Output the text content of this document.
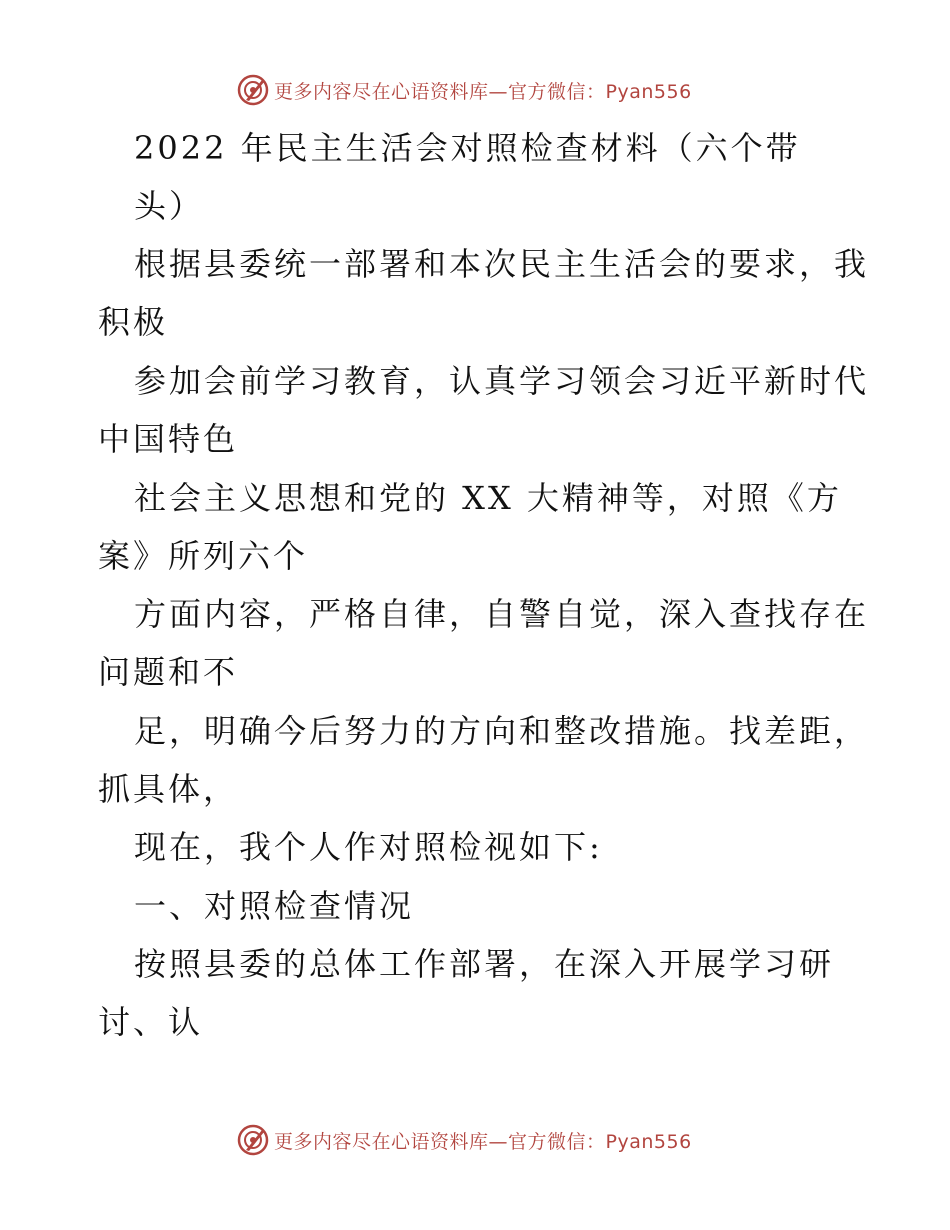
更多内容尽在心语资料库—官方微信：Pyan556
2022 年民主生活会对照检查材料（六个带
头）
根据县委统一部署和本次民主生活会的要求，我
积极
参加会前学习教育，认真学习领会习近平新时代
中国特色
社会主义思想和党的 XX 大精神等，对照《方
案》所列六个
方面内容，严格自律，自警自觉，深入查找存在
问题和不
足，明确今后努力的方向和整改措施。找差距，
抓具体，
现在，我个人作对照检视如下:
一、对照检查情况
按照县委的总体工作部署，在深入开展学习研
讨、认
更多内容尽在心语资料库—官方微信：Pyan556
